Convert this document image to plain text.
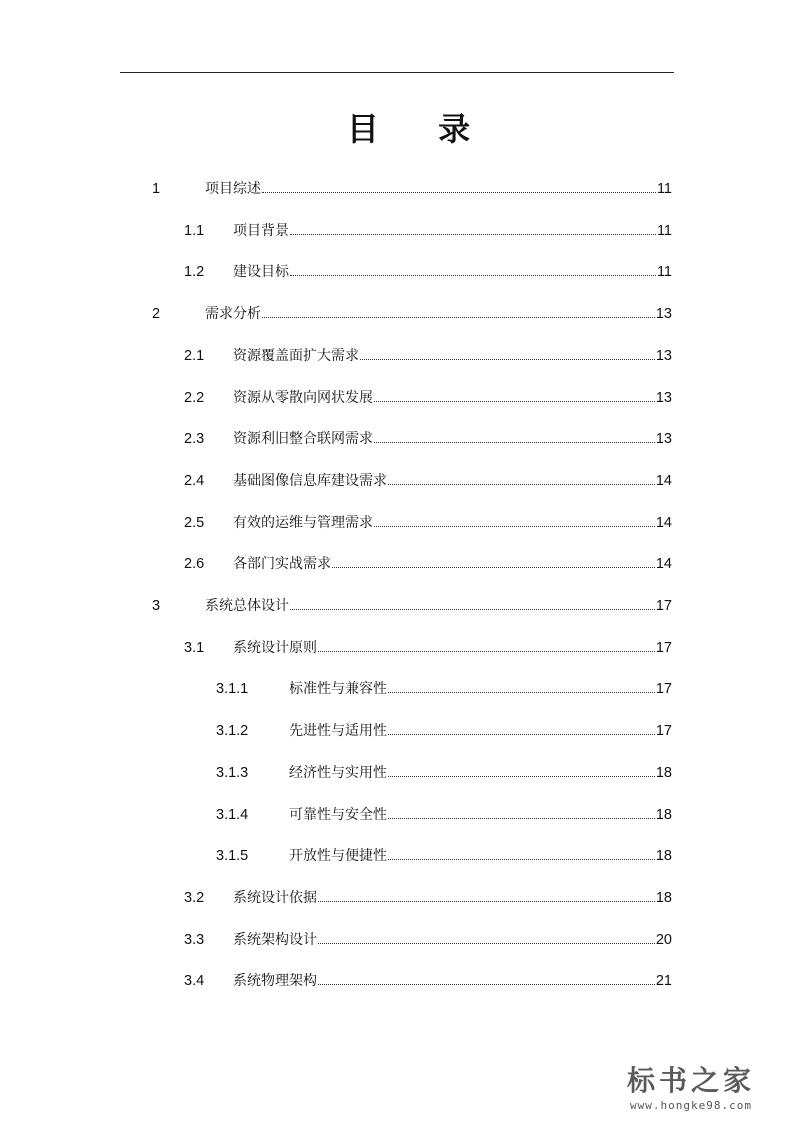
目 录
1	项目综述	11
1.1	项目背景	11
1.2	建设目标	11
2	需求分析	13
2.1	资源覆盖面扩大需求	13
2.2	资源从零散向网状发展	13
2.3	资源利旧整合联网需求	13
2.4	基础图像信息库建设需求	14
2.5	有效的运维与管理需求	14
2.6	各部门实战需求	14
3	系统总体设计	17
3.1	系统设计原则	17
3.1.1	标准性与兼容性	17
3.1.2	先进性与适用性	17
3.1.3	经济性与实用性	18
3.1.4	可靠性与安全性	18
3.1.5	开放性与便捷性	18
3.2	系统设计依据	18
3.3	系统架构设计	20
3.4	系统物理架构	21
标书之家
www.hongke98.com
